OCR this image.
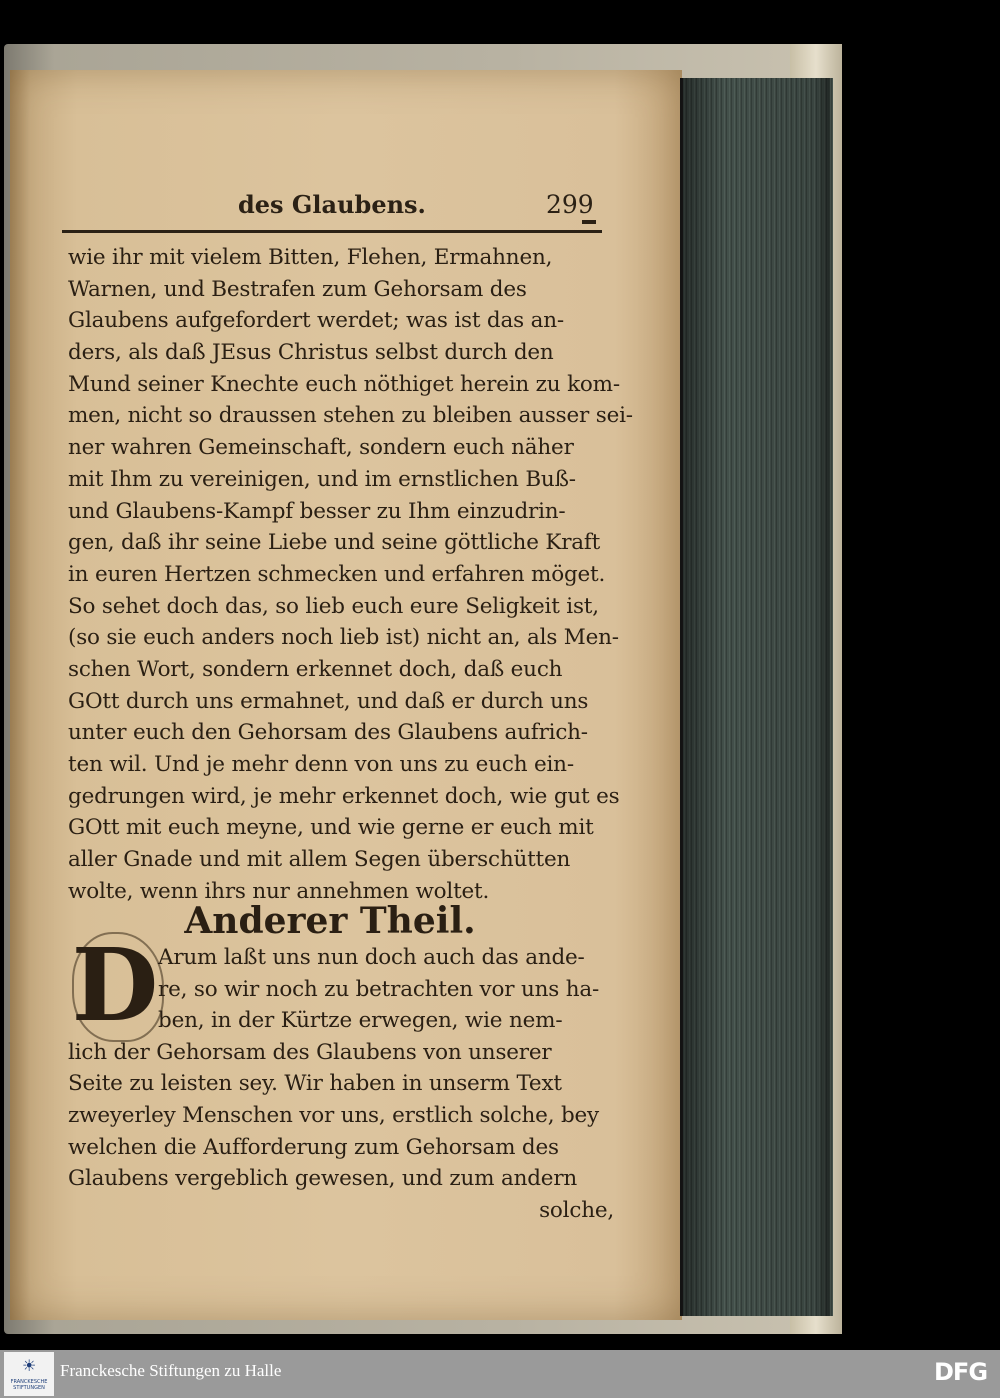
des Glaubens.	299
wie ihr mit vielem Bitten, Flehen, Ermahnen,
Warnen, und Bestrafen zum Gehorsam des
Glaubens aufgefordert werdet; was ist das an-
ders, als daß JEsus Christus selbst durch den
Mund seiner Knechte euch nöthiget herein zu kom-
men, nicht so draussen stehen zu bleiben ausser sei-
ner wahren Gemeinschaft, sondern euch näher
mit Ihm zu vereinigen, und im ernstlichen Buß-
und Glaubens-Kampf besser zu Ihm einzudrin-
gen, daß ihr seine Liebe und seine göttliche Kraft
in euren Hertzen schmecken und erfahren möget.
So sehet doch das, so lieb euch eure Seligkeit ist,
(so sie euch anders noch lieb ist) nicht an, als Men-
schen Wort, sondern erkennet doch, daß euch
GOtt durch uns ermahnet, und daß er durch uns
unter euch den Gehorsam des Glaubens aufrich-
ten wil. Und je mehr denn von uns zu euch ein-
gedrungen wird, je mehr erkennet doch, wie gut es
GOtt mit euch meyne, und wie gerne er euch mit
aller Gnade und mit allem Segen überschütten
wolte, wenn ihrs nur annehmen woltet.
Anderer Theil.
D Arum laßt uns nun doch auch das ande-
re, so wir noch zu betrachten vor uns ha-
ben, in der Kürtze erwegen, wie nem-
lich der Gehorsam des Glaubens von unserer
Seite zu leisten sey. Wir haben in unserm Text
zweyerley Menschen vor uns, erstlich solche, bey
welchen die Aufforderung zum Gehorsam des
Glaubens vergeblich gewesen, und zum andern
solche,
☀
FRANCKESCHE STIFTUNGEN
Franckesche Stiftungen zu Halle	DFG
